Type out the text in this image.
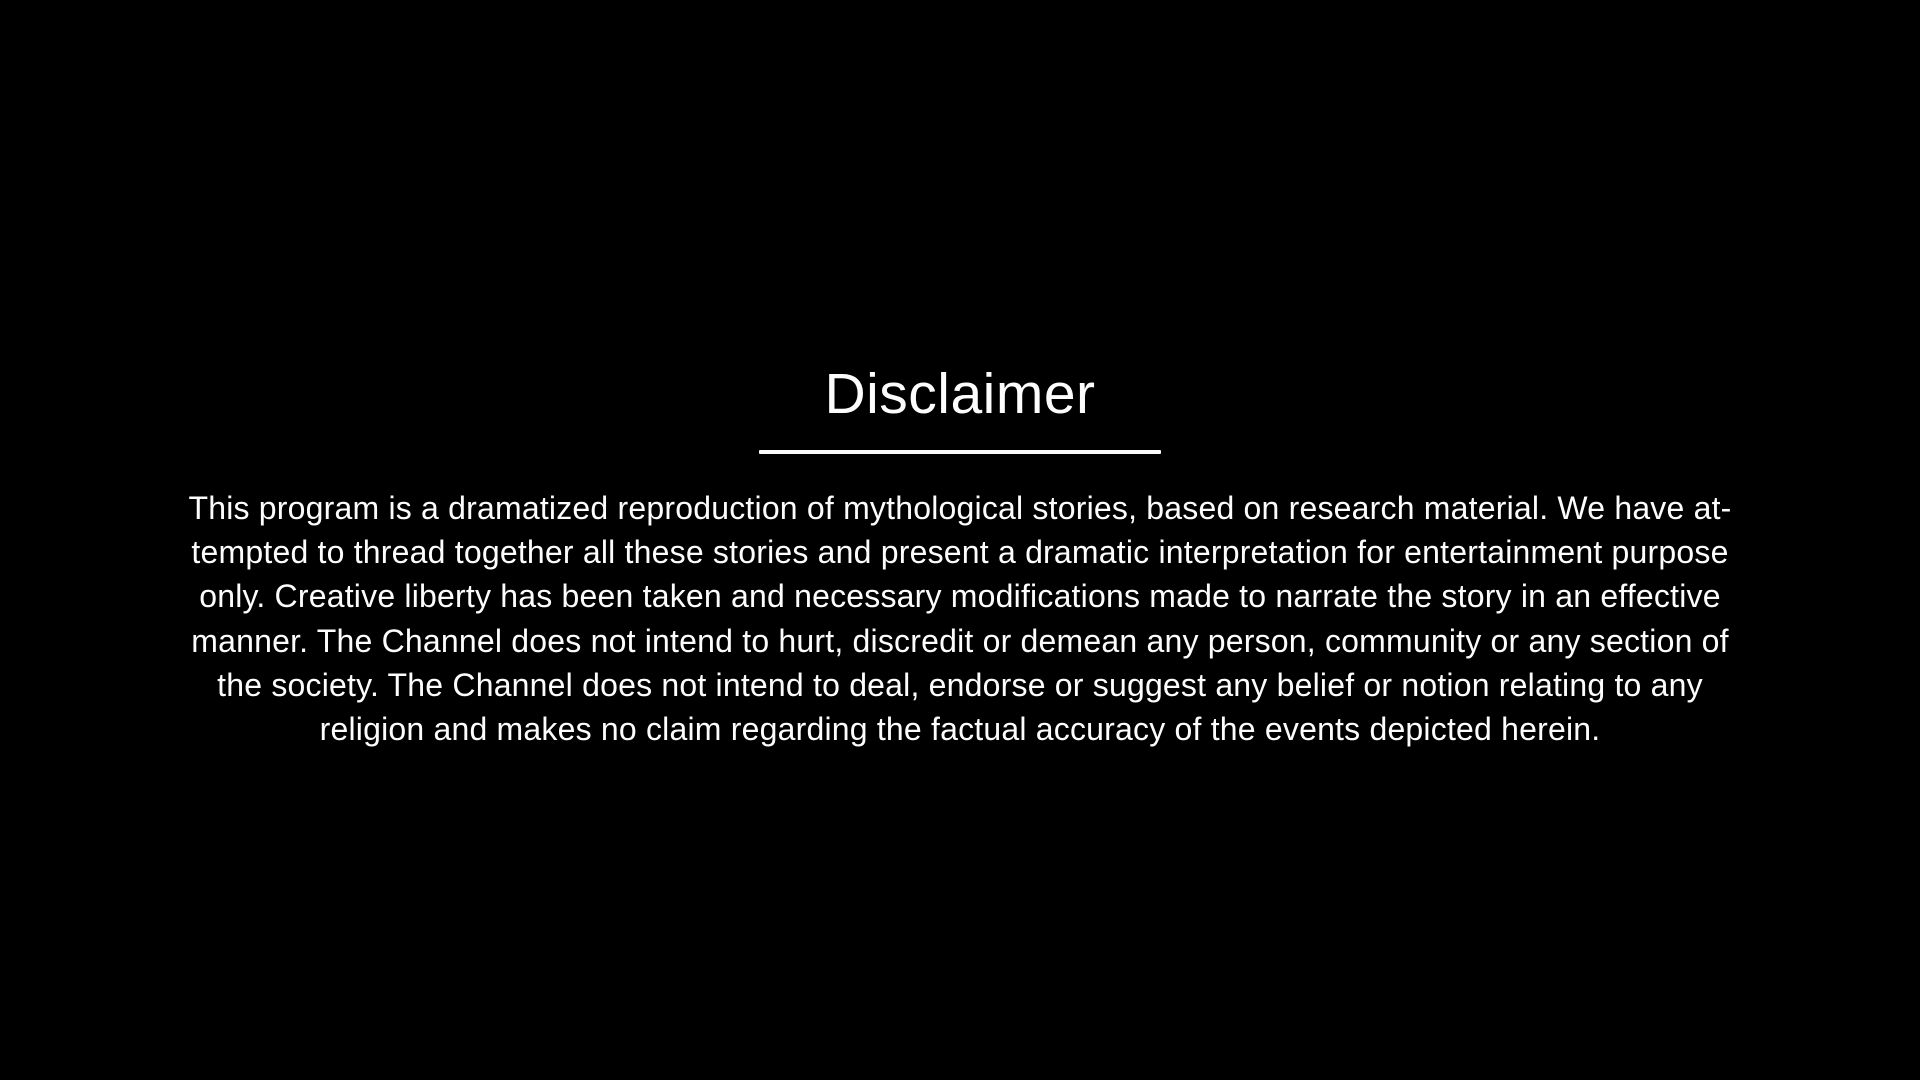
Disclaimer
This program is a dramatized reproduction of mythological stories, based on research material. We have at-
tempted to thread together all these stories and present a dramatic interpretation for entertainment purpose
only. Creative liberty has been taken and necessary modifications made to narrate the story in an effective
manner. The Channel does not intend to hurt, discredit or demean any person, community or any section of
the society. The Channel does not intend to deal, endorse or suggest any belief or notion relating to any
religion and makes no claim regarding the factual accuracy of the events depicted herein.
